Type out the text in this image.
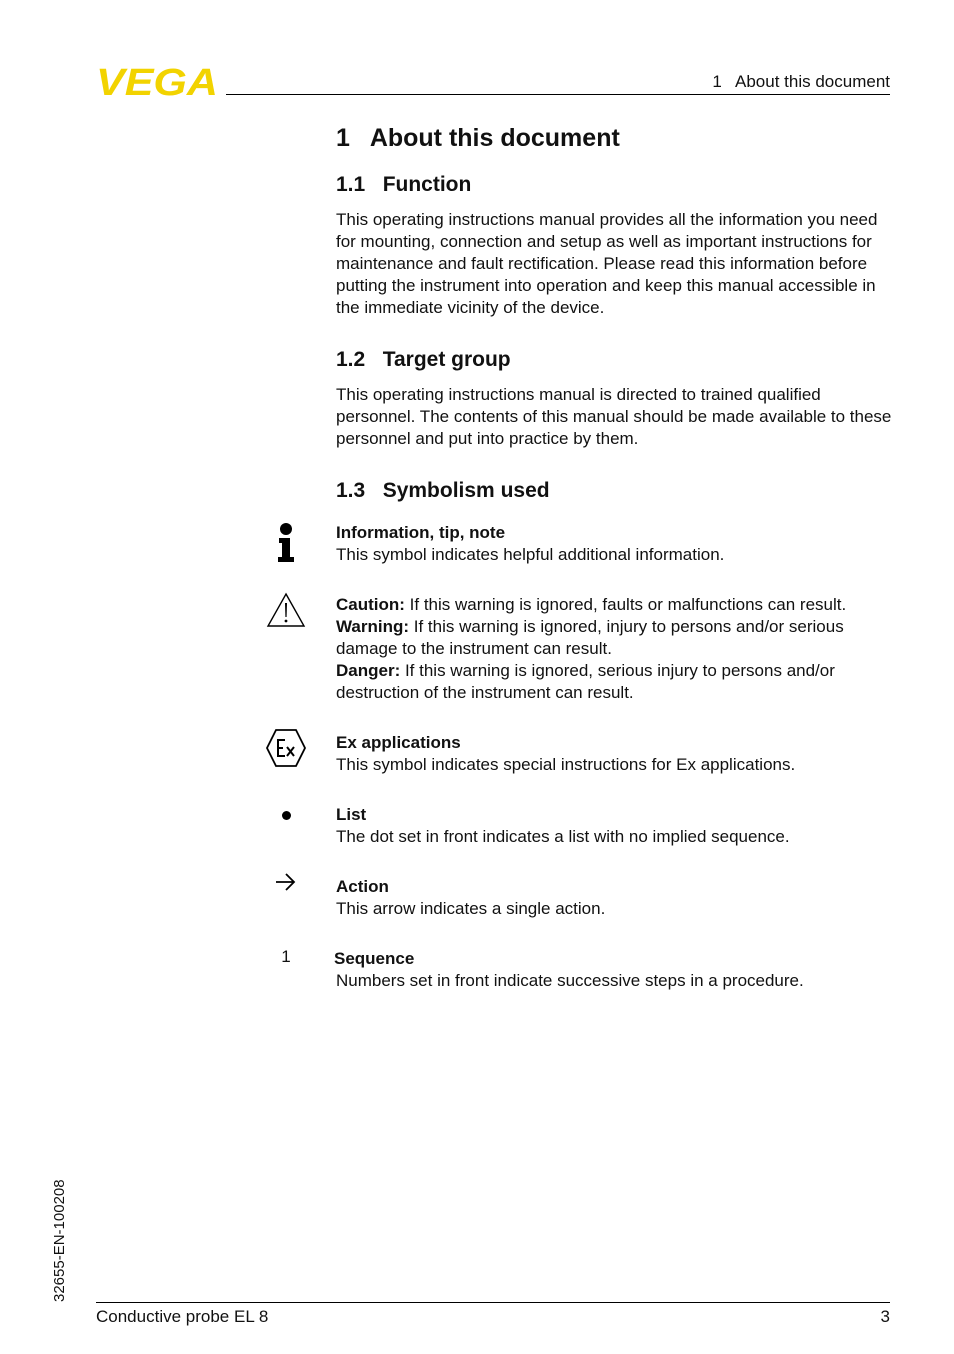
VEGA	1   About this document
1   About this document
1.1   Function

This operating instructions manual provides all the information you need for mounting, connection and setup as well as important instructions for maintenance and fault rectification. Please read this information before putting the instrument into operation and keep this manual accessible in the immediate vicinity of the device.

1.2   Target group

This operating instructions manual is directed to trained qualified personnel. The contents of this manual should be made available to these personnel and put into practice by them.

1.3   Symbolism used
Information, tip, note

This symbol indicates helpful additional information.

Caution: If this warning is ignored, faults or malfunctions can result.

Warning: If this warning is ignored, injury to persons and/or serious damage to the instrument can result.

Danger: If this warning is ignored, serious injury to persons and/or destruction of the instrument can result.

Ex applications

This symbol indicates special instructions for Ex applications.

List

The dot set in front indicates a list with no implied sequence.

Action

This arrow indicates a single action.

1	Sequence

Numbers set in front indicate successive steps in a procedure.

32655-EN-100208
Conductive probe EL 8	3
